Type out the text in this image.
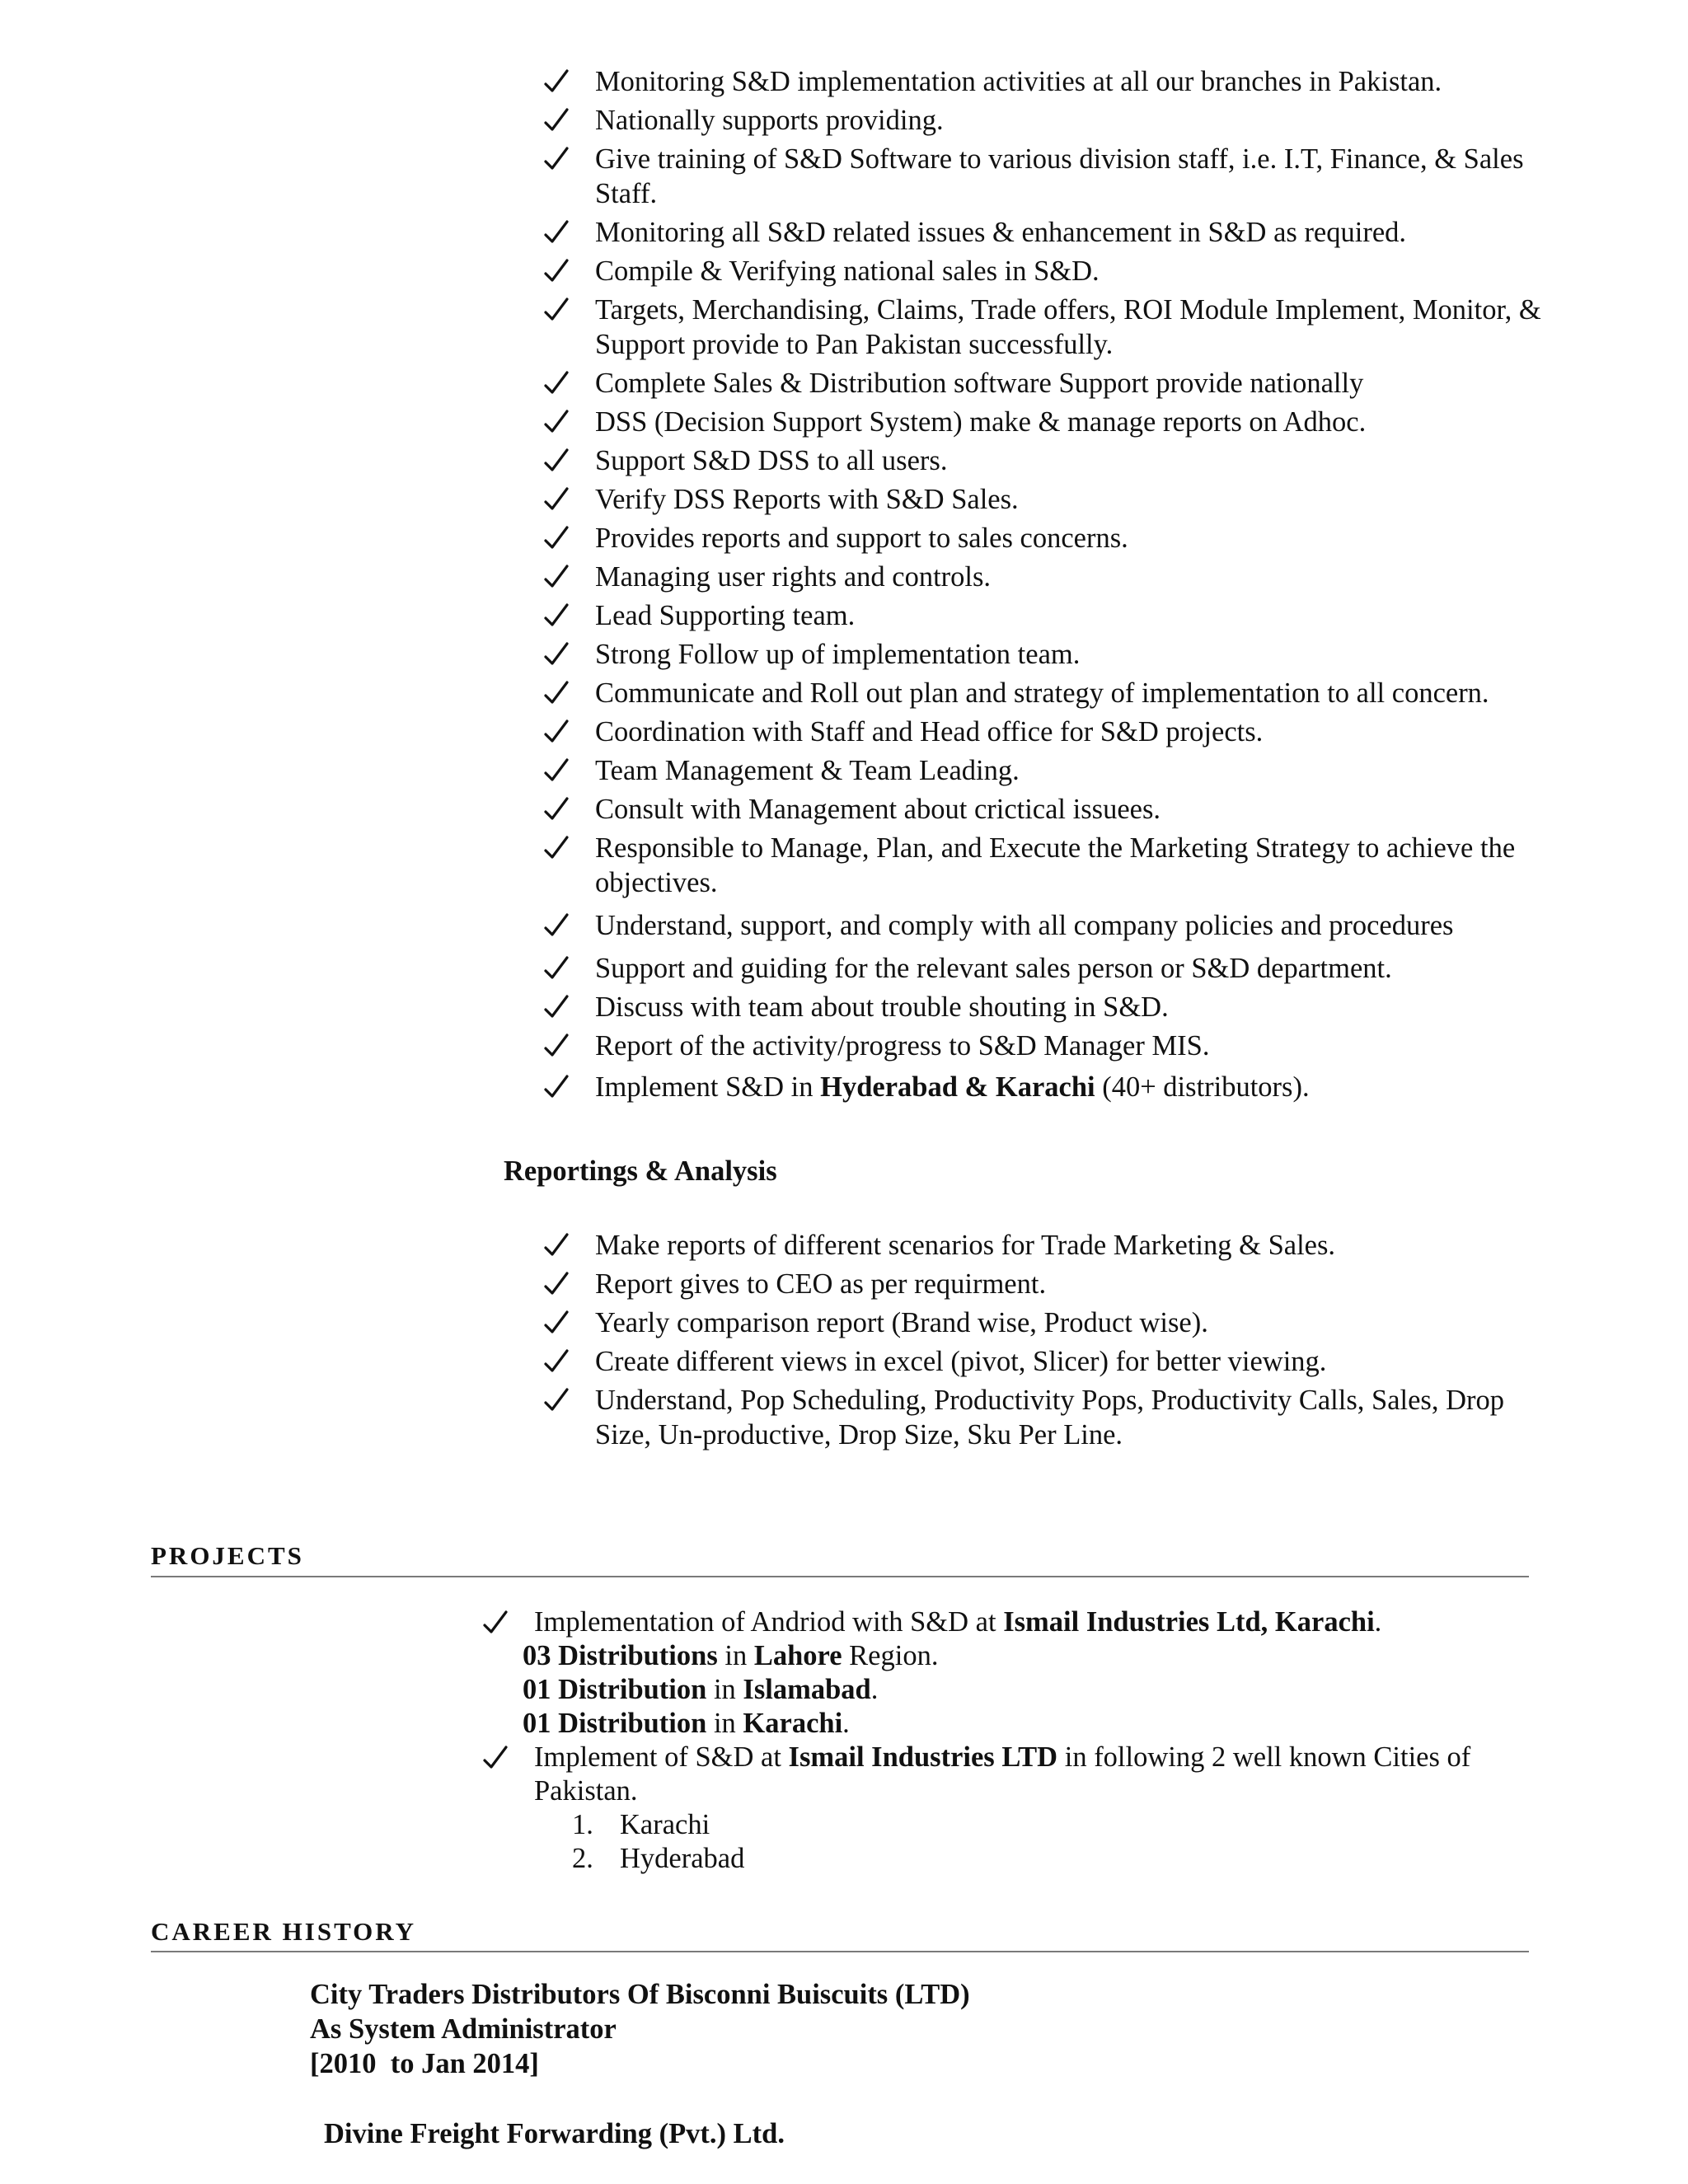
Monitoring S&D implementation activities at all our branches in Pakistan.
Nationally supports providing.
Give training of S&D Software to various division staff, i.e. I.T, Finance, & Sales Staff.
Monitoring all S&D related issues & enhancement in S&D as required.
Compile & Verifying national sales in S&D.
Targets, Merchandising, Claims, Trade offers, ROI Module Implement, Monitor, & Support provide to Pan Pakistan successfully.
Complete Sales & Distribution software Support provide nationally
DSS (Decision Support System) make & manage reports on Adhoc.
Support S&D DSS to all users.
Verify DSS Reports with S&D Sales.
Provides reports and support to sales concerns.
Managing user rights and controls.
Lead Supporting team.
Strong Follow up of implementation team.
Communicate and Roll out plan and strategy of implementation to all concern.
Coordination with Staff and Head office for S&D projects.
Team Management & Team Leading.
Consult with Management about crictical issuees.
Responsible to Manage, Plan, and Execute the Marketing Strategy to achieve the objectives.
Understand, support, and comply with all company policies and procedures
Support and guiding for the relevant sales person or S&D department.
Discuss with team about trouble shouting in S&D.
Report of the activity/progress to S&D Manager MIS.
Implement S&D in Hyderabad & Karachi (40+ distributors).
Reportings & Analysis
Make reports of different scenarios for Trade Marketing & Sales.
Report gives to CEO as per requirment.
Yearly comparison report (Brand wise, Product wise).
Create different views in excel (pivot, Slicer) for better viewing.
Understand, Pop Scheduling, Productivity Pops, Productivity Calls, Sales, Drop Size, Un-productive, Drop Size, Sku Per Line.
PROJECTS
Implementation of Andriod with S&D at Ismail Industries Ltd, Karachi.
03 Distributions in Lahore Region.
01 Distribution in Islamabad.
01 Distribution in Karachi.
Implement of S&D at Ismail Industries LTD in following 2 well known Cities of Pakistan.
1. Karachi
2. Hyderabad
CAREER HISTORY
City Traders Distributors Of Bisconni Buiscuits (LTD)
As System Administrator
[2010  to Jan 2014]
Divine Freight Forwarding (Pvt.) Ltd.
